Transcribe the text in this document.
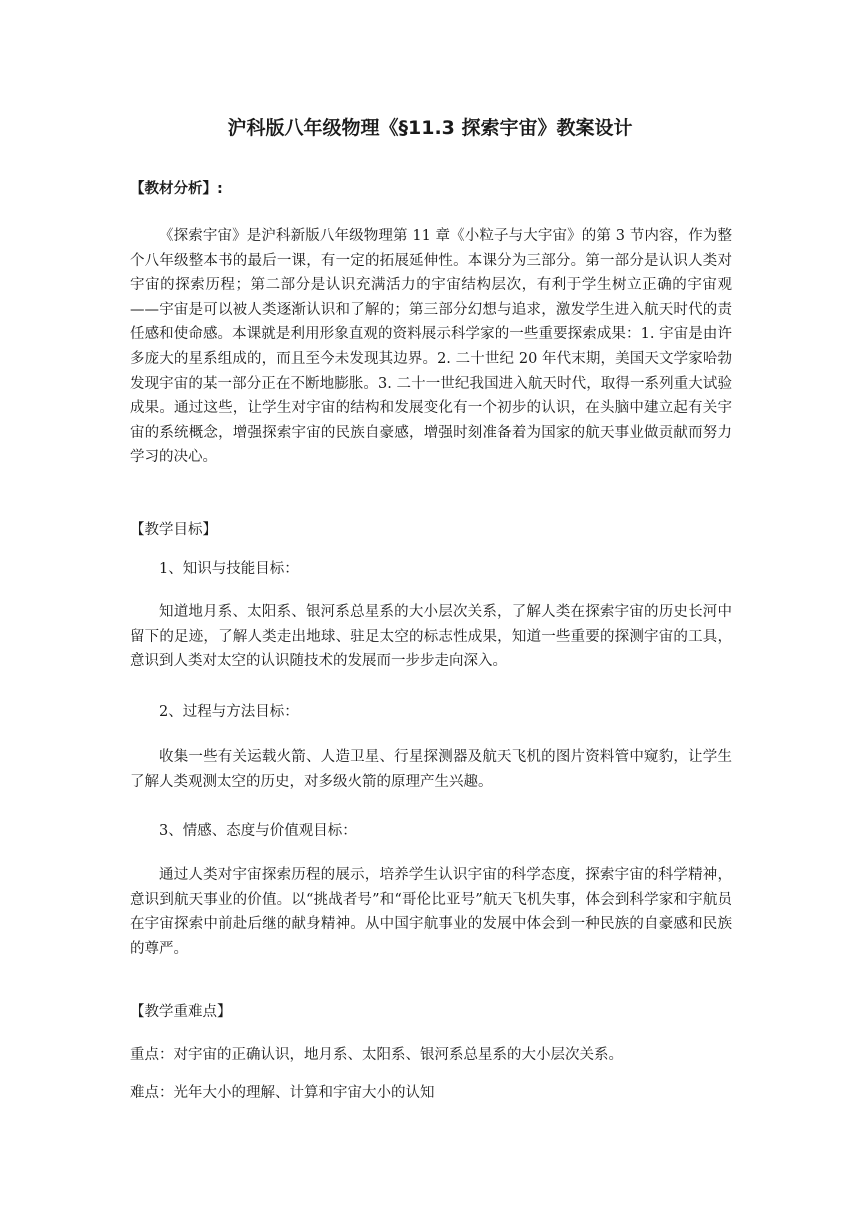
沪科版八年级物理《§11.3 探索宇宙》教案设计

【教材分析】:

《探索宇宙》是沪科新版八年级物理第 11 章《小粒子与大宇宙》的第 3 节内容，作为整个八年级整本书的最后一课，有一定的拓展延伸性。本课分为三部分。第一部分是认识人类对宇宙的探索历程；第二部分是认识充满活力的宇宙结构层次，有利于学生树立正确的宇宙观——宇宙是可以被人类逐渐认识和了解的；第三部分幻想与追求，激发学生进入航天时代的责任感和使命感。本课就是利用形象直观的资料展示科学家的一些重要探索成果：1. 宇宙是由许多庞大的星系组成的，而且至今未发现其边界。2. 二十世纪 20 年代末期，美国天文学家哈勃发现宇宙的某一部分正在不断地膨胀。3. 二十一世纪我国进入航天时代，取得一系列重大试验成果。通过这些，让学生对宇宙的结构和发展变化有一个初步的认识，在头脑中建立起有关宇宙的系统概念，增强探索宇宙的民族自豪感，增强时刻准备着为国家的航天事业做贡献而努力学习的决心。

【教学目标】

1、知识与技能目标：

知道地月系、太阳系、银河系总星系的大小层次关系，了解人类在探索宇宙的历史长河中留下的足迹，了解人类走出地球、驻足太空的标志性成果，知道一些重要的探测宇宙的工具，意识到人类对太空的认识随技术的发展而一步步走向深入。

2、过程与方法目标：

收集一些有关运载火箭、人造卫星、行星探测器及航天飞机的图片资料管中窥豹，让学生了解人类观测太空的历史，对多级火箭的原理产生兴趣。

3、情感、态度与价值观目标：

通过人类对宇宙探索历程的展示，培养学生认识宇宙的科学态度，探索宇宙的科学精神，意识到航天事业的价值。以“挑战者号”和“哥伦比亚号”航天飞机失事，体会到科学家和宇航员在宇宙探索中前赴后继的献身精神。从中国宇航事业的发展中体会到一种民族的自豪感和民族的尊严。

【教学重难点】

重点：对宇宙的正确认识，地月系、太阳系、银河系总星系的大小层次关系。

难点：光年大小的理解、计算和宇宙大小的认知
